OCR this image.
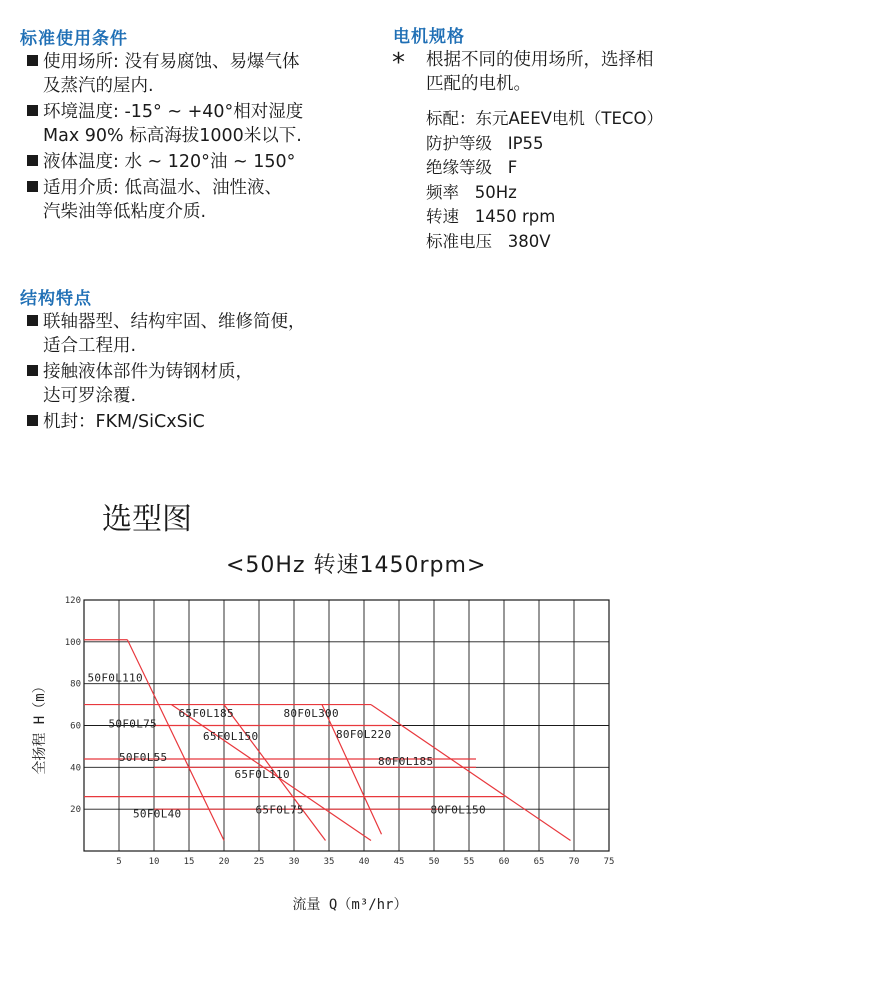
标准使用条件
使用场所: 没有易腐蚀、易爆气体
及蒸汽的屋内.
环境温度: -15° ~ +40°相对湿度
Max 90% 标高海拔1000米以下.
液体温度: 水 ~ 120°油 ~ 150°
适用介质: 低高温水、油性液、
汽柴油等低粘度介质.
结构特点
联轴器型、结构牢固、维修简便，
适合工程用.
接触液体部件为铸钢材质，
达可罗涂覆.
机封：FKM/SiCxSiC
电机规格
* 根据不同的使用场所，选择相
匹配的电机。
标配：东元AEEV电机（TECO）
防护等级   IP55
绝缘等级   F
频率   50Hz
转速   1450 rpm
标准电压   380V
选型图
<50Hz 转速1450rpm>
5	10	15	20	25	30	35	40	45	50	55	60	65	70	75
20
40
60
80
100
120
50F0L110
65F0L185	80F0L300
50F0L75
65F0L150	80F0L220
50F0L55	80F0L185
65F0L110
65F0L75
50F0L40	80F0L150
流量 Q（m³/hr）
全扬程 H（m）
